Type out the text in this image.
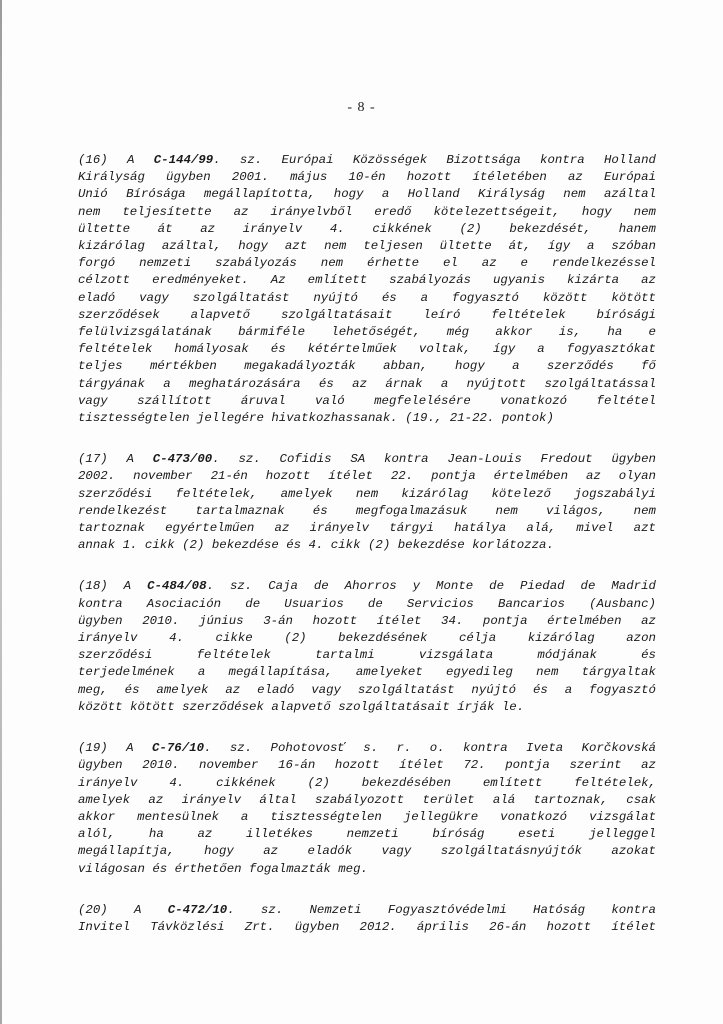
- 8 -
(16) A C-144/99. sz. Európai Közösségek Bizottsága kontra Holland
Királyság ügyben 2001. május 10-én hozott ítéletében az Európai
Unió Bírósága megállapította, hogy a Holland Királyság nem azáltal
nem teljesítette az irányelvből eredő kötelezettségeit, hogy nem
ültette át az irányelv 4. cikkének (2) bekezdését, hanem
kizárólag azáltal, hogy azt nem teljesen ültette át, így a szóban
forgó nemzeti szabályozás nem érhette el az e rendelkezéssel
célzott eredményeket. Az említett szabályozás ugyanis kizárta az
eladó vagy szolgáltatást nyújtó és a fogyasztó között kötött
szerződések alapvető szolgáltatásait leíró feltételek bírósági
felülvizsgálatának bármiféle lehetőségét, még akkor is, ha e
feltételek homályosak és kétértelműek voltak, így a fogyasztókat
teljes mértékben megakadályozták abban, hogy a szerződés fő
tárgyának a meghatározására és az árnak a nyújtott szolgáltatással
vagy szállított áruval való megfelelésére vonatkozó feltétel
tisztességtelen jellegére hivatkozhassanak. (19., 21-22. pontok)
(17) A C-473/00. sz. Cofidis SA kontra Jean-Louis Fredout ügyben
2002. november 21-én hozott ítélet 22. pontja értelmében az olyan
szerződési feltételek, amelyek nem kizárólag kötelező jogszabályi
rendelkezést tartalmaznak és megfogalmazásuk nem világos, nem
tartoznak egyértelműen az irányelv tárgyi hatálya alá, mivel azt
annak 1. cikk (2) bekezdése és 4. cikk (2) bekezdése korlátozza.
(18) A C-484/08. sz. Caja de Ahorros y Monte de Piedad de Madrid
kontra Asociación de Usuarios de Servicios Bancarios (Ausbanc)
ügyben 2010. június 3-án hozott ítélet 34. pontja értelmében az
irányelv 4. cikke (2) bekezdésének célja kizárólag azon
szerződési feltételek tartalmi vizsgálata módjának és
terjedelmének a megállapítása, amelyeket egyedileg nem tárgyaltak
meg, és amelyek az eladó vagy szolgáltatást nyújtó és a fogyasztó
között kötött szerződések alapvető szolgáltatásait írják le.
(19) A C-76/10. sz. Pohotovosť s. r. o. kontra Iveta Korčkovská
ügyben 2010. november 16-án hozott ítélet 72. pontja szerint az
irányelv 4. cikkének (2) bekezdésében említett feltételek,
amelyek az irányelv által szabályozott terület alá tartoznak, csak
akkor mentesülnek a tisztességtelen jellegükre vonatkozó vizsgálat
alól, ha az illetékes nemzeti bíróság eseti jelleggel
megállapítja, hogy az eladók vagy szolgáltatásnyújtók azokat
világosan és érthetően fogalmazták meg.
(20) A C-472/10. sz. Nemzeti Fogyasztóvédelmi Hatóság kontra
Invitel Távközlési Zrt. ügyben 2012. április 26-án hozott ítélet
